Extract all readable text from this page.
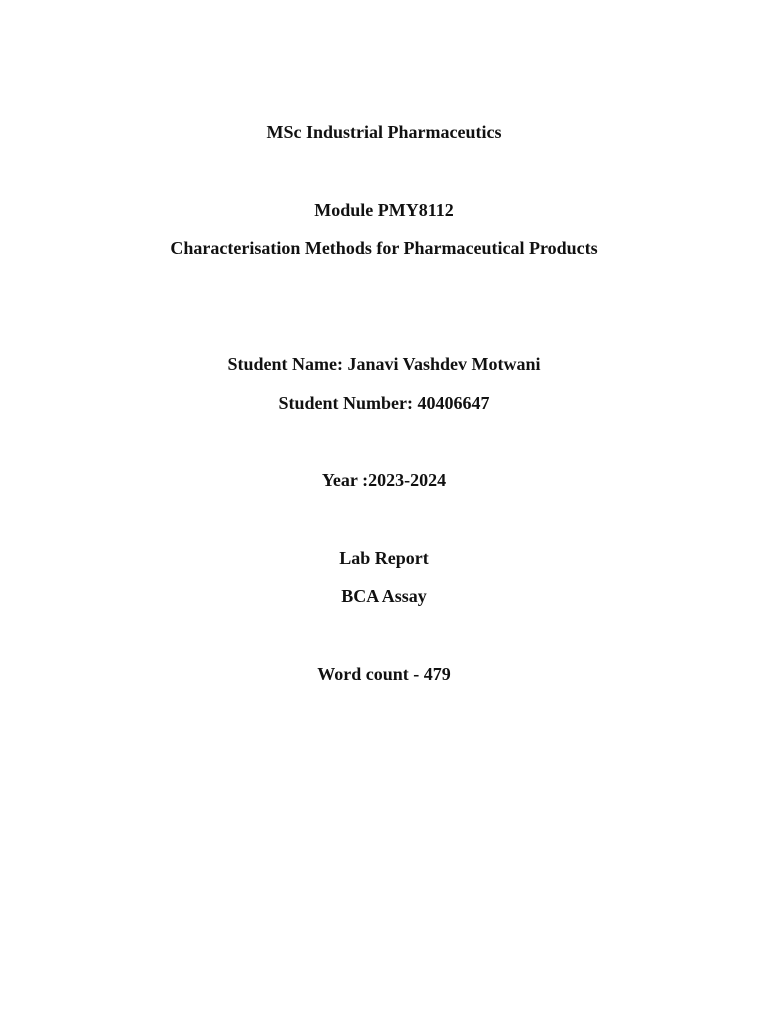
MSc Industrial Pharmaceutics
Module PMY8112
Characterisation Methods for Pharmaceutical Products
Student Name: Janavi Vashdev Motwani
Student Number: 40406647
Year :2023-2024
Lab Report
BCA Assay
Word count - 479
